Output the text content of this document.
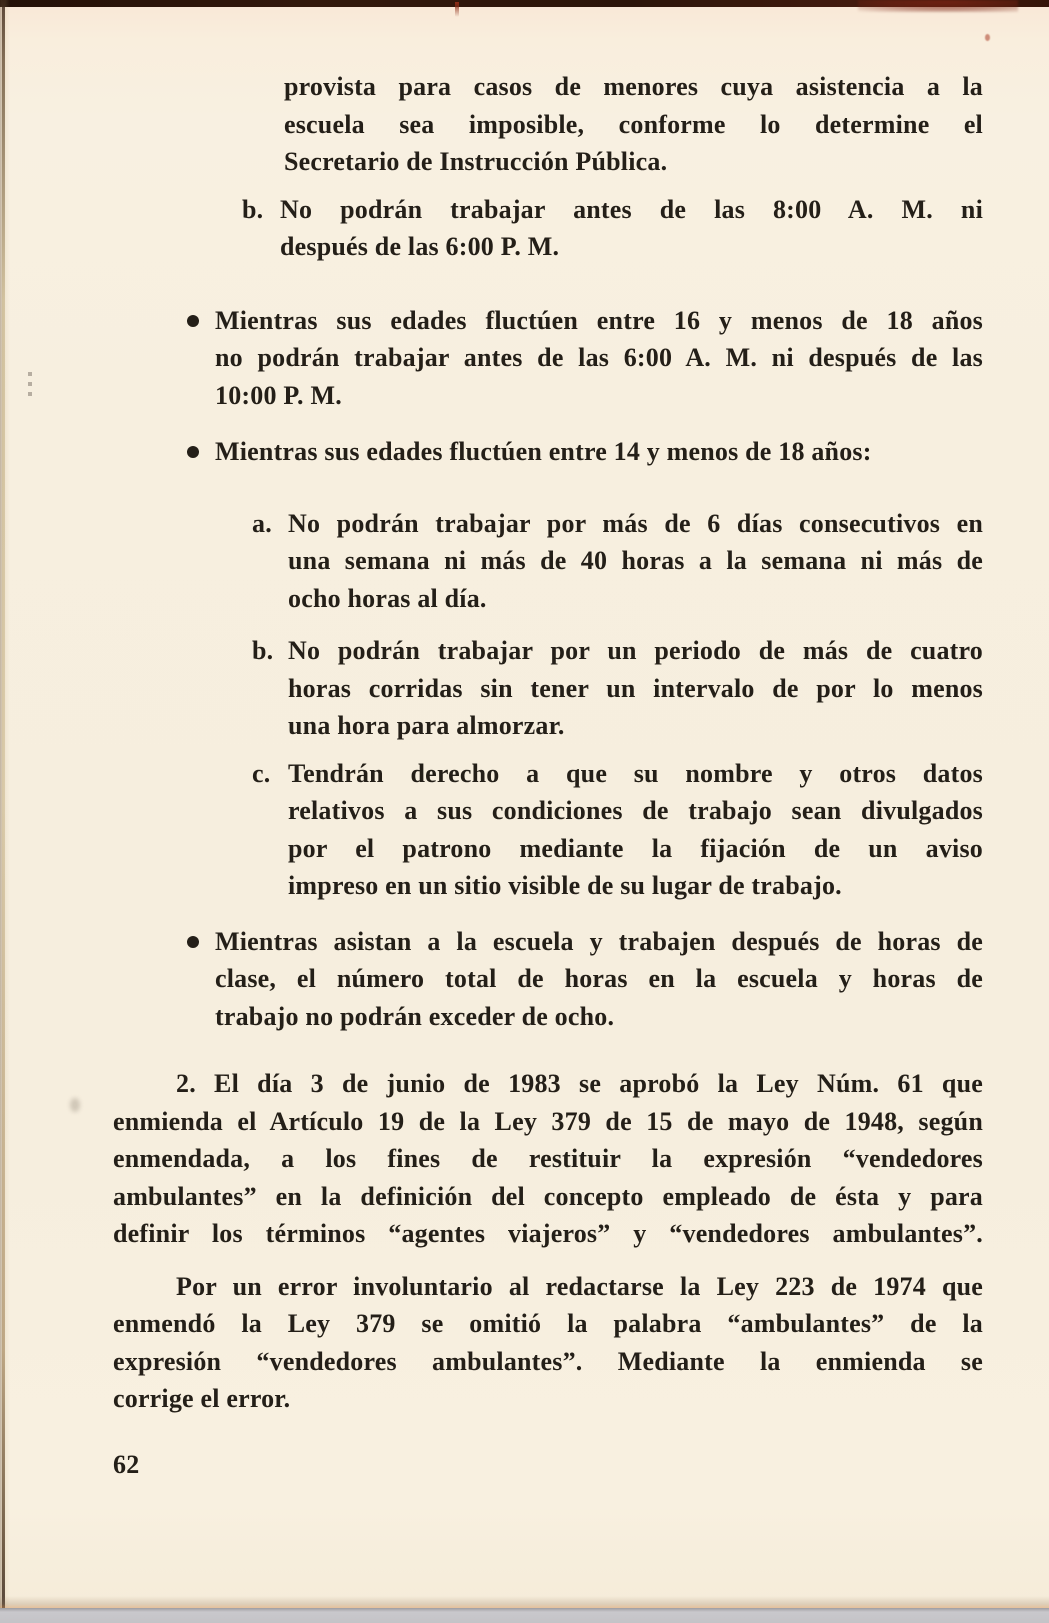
provista para casos de menores cuya asistencia a la
escuela sea imposible, conforme lo determine el
Secretario de Instrucción Pública.
b. No podrán trabajar antes de las 8:00 A. M. ni
después de las 6:00 P. M.
Mientras sus edades fluctúen entre 16 y menos de 18 años
no podrán trabajar antes de las 6:00 A. M. ni después de las
10:00 P. M.
Mientras sus edades fluctúen entre 14 y menos de 18 años:
a. No podrán trabajar por más de 6 días consecutivos en
una semana ni más de 40 horas a la semana ni más de
ocho horas al día.
b. No podrán trabajar por un periodo de más de cuatro
horas corridas sin tener un intervalo de por lo menos
una hora para almorzar.
c. Tendrán derecho a que su nombre y otros datos
relativos a sus condiciones de trabajo sean divulgados
por el patrono mediante la fijación de un aviso
impreso en un sitio visible de su lugar de trabajo.
Mientras asistan a la escuela y trabajen después de horas de
clase, el número total de horas en la escuela y horas de
trabajo no podrán exceder de ocho.
2. El día 3 de junio de 1983 se aprobó la Ley Núm. 61 que
enmienda el Artículo 19 de la Ley 379 de 15 de mayo de 1948, según
enmendada, a los fines de restituir la expresión “vendedores
ambulantes” en la definición del concepto empleado de ésta y para
definir los términos “agentes viajeros” y “vendedores ambulantes”.
Por un error involuntario al redactarse la Ley 223 de 1974 que
enmendó la Ley 379 se omitió la palabra “ambulantes” de la
expresión “vendedores ambulantes”. Mediante la enmienda se
corrige el error.
62
